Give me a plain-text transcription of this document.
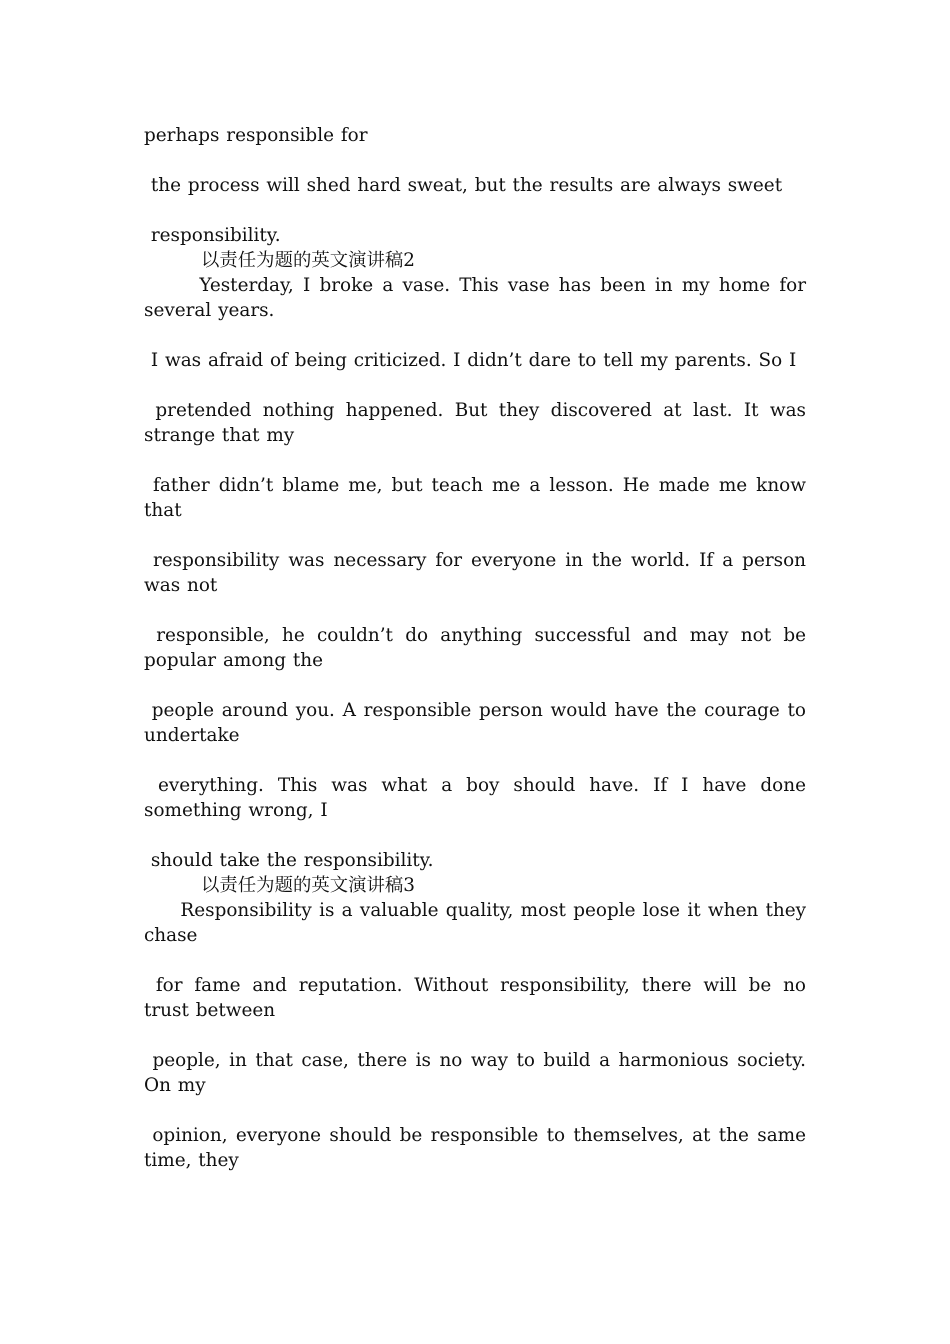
perhaps responsible for

the process will shed hard sweat, but the results are always sweet

responsibility.

以责任为题的英文演讲稿2

Yesterday, I broke a vase. This vase has been in my home for several years.

I was afraid of being criticized. I didn’t dare to tell my parents. So I

pretended nothing happened. But they discovered at last. It was strange that my

father didn’t blame me, but teach me a lesson. He made me know that

responsibility was necessary for everyone in the world. If a person was not

responsible, he couldn’t do anything successful and may not be popular among the

people around you. A responsible person would have the courage to undertake

everything. This was what a boy should have. If I have done something wrong, I

should take the responsibility.

以责任为题的英文演讲稿3

Responsibility is a valuable quality, most people lose it when they chase

for fame and reputation. Without responsibility, there will be no trust between

people, in that case, there is no way to build a harmonious society. On my

opinion, everyone should be responsible to themselves, at the same time, they
